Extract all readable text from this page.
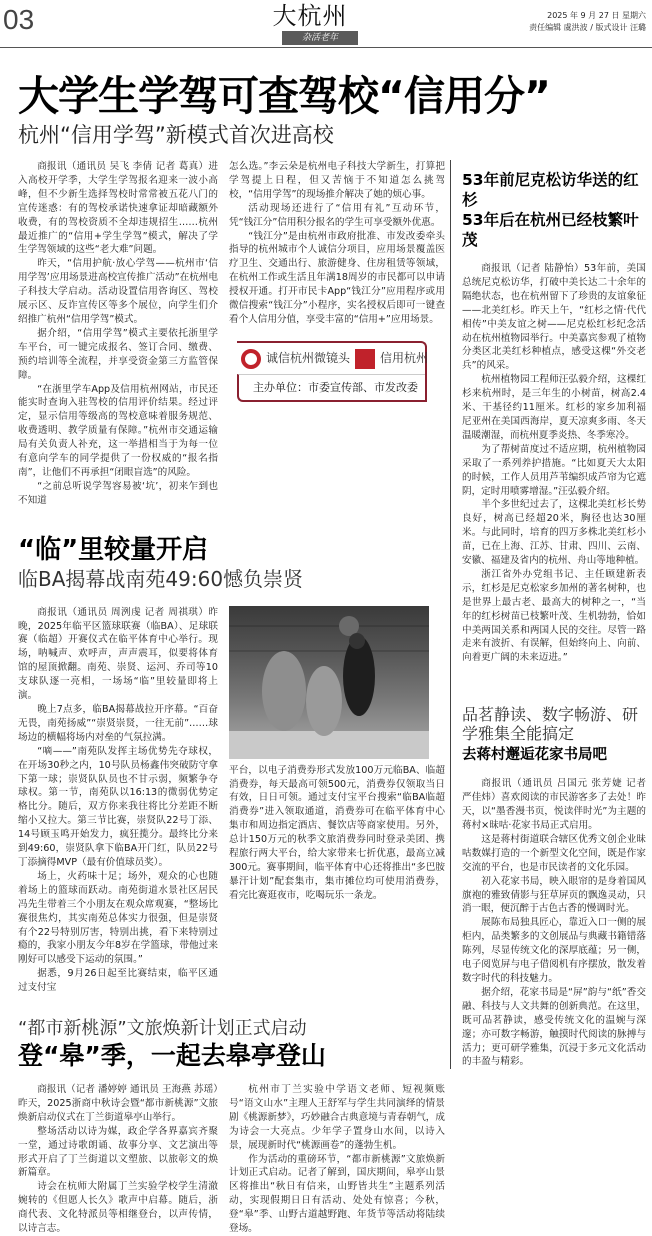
03	大杭州
杂活老年
2025 年 9 月 27 日 星期六
责任编辑 虞洪波 / 版式设计 汪璐
大学生学驾可查驾校“信用分”
杭州“信用学驾”新模式首次进高校

商报讯（通讯员 吴飞 李倩 记者 葛真）进入高校开学季，大学生学驾报名迎来一波小高峰，但不少新生选择驾校时常常被五花八门的宣传迷惑：有的驾校承诺快速拿证却暗藏额外收费，有的驾校资质不全却违规招生……杭州最近推广的“信用+学生学驾”模式，解决了学生学驾领域的这些“老大难”问题。

昨天，“信用护航·放心学驾——杭州市‘信用学驾’应用场景进高校宣传推广活动”在杭州电子科技大学启动。活动设置信用咨询区、驾校展示区、反诈宣传区等多个展位，向学生们介绍推广杭州“信用学驾”模式。

据介绍，“信用学驾”模式主要依托浙里学车平台，可一键完成报名、签订合同、缴费、预约培训等全流程，并享受资金第三方监管保障。

“在浙里学车App及信用杭州网站，市民还能实时查询入驻驾校的信用评价结果。经过评定，显示信用等级高的驾校意味着服务规范、收费透明、教学质量有保障。”杭州市交通运输局有关负责人补充，这一举措相当于为每一位有意向学车的同学提供了一份权威的“报名指南”，让他们不再承担“闭眼盲选”的风险。

“之前总听说学驾容易被‘坑’，初来乍到也不知道

怎么选。”李云朵是杭州电子科技大学新生，打算把学驾提上日程，但又苦恼于不知道怎么挑驾校，“信用学驾”的现场推介解决了她的烦心事。

活动现场还进行了“信用有礼”互动环节，凭“钱江分”信用积分报名的学生可享受额外优惠。

“钱江分”是由杭州市政府批准、市发改委牵头指导的杭州城市个人诚信分项目，应用场景覆盖医疗卫生、交通出行、旅游健身、住房租赁等领域，在杭州工作或生活且年满18周岁的市民都可以申请授权开通。打开市民卡App“钱江分”应用程序或用微信搜索“钱江分”小程序，实名授权后即可一键查看个人信用分值，享受丰富的“信用+”应用场景。

诚信杭州微镜头	信用杭州
主办单位：市委宣传部、市发改委
“临”里较量开启
临BA揭幕战南苑49:60憾负崇贤

商报讯（通讯员 周洌虔 记者 周祺琪）昨晚，2025年临平区篮球联赛（临BA）、足球联赛（临超）开赛仪式在临平体育中心举行。现场，呐喊声、欢呼声，声声震耳，似要将体育馆的屋顶掀翻。南苑、崇贤、运河、乔司等10支球队逐一亮相，一场场“临”里较量即将上演。

晚上7点多，临BA揭幕战拉开序幕。“百奋无畏，南苑扬威”“崇贤崇贤，一往无前”……球场边的横幅将场内对垒的气氛拉满。

“嘀——”南苑队发挥主场优势先夺球权，在开场30秒之内，10号队员杨鑫伟突破防守拿下第一球；崇贤队队员也不甘示弱，频繁争夺球权。第一节，南苑队以16:13的微弱优势定格比分。随后，双方你来我往将比分差距不断缩小又拉大。第三节比赛，崇贤队22号丁添、14号顾玉鸣开始发力，疯狂揽分。最终比分来到49:60，崇贤队拿下临BA开门红，队员22号丁添摘得MVP（最有价值球员奖）。

场上，火药味十足；场外，观众的心也随着场上的篮球而跃动。南苑街道水景社区居民冯先生带着三个小朋友在观众席观赛，“整场比赛很焦灼，其实南苑总体实力很强，但是崇贤有个22号特别厉害，特别出挑，看下来特别过瘾的，我家小朋友今年8岁在学篮球，带他过来刚好可以感受下运动的氛围。”

据悉，9月26日起至比赛结束，临平区通过支付宝

平台，以电子消费券形式发放100万元临BA、临超消费券，每天最高可领500元，消费券仅领取当日有效，日日可领。通过支付宝平台搜索“临BA临超消费券”进入领取通道，消费券可在临平体育中心集市和周边指定酒店、餐饮店等商家使用。另外，总计150万元的秋季文旅消费券同时登录美团、携程旅行两大平台，给大家带来七折优惠，最高立减300元。赛事期间，临平体育中心还将推出“多巴胺暴汗计划”配套集市，集市摊位均可使用消费券，看完比赛逛夜市，吃喝玩乐一条龙。

“都市新桃源”文旅焕新计划正式启动
登“皋”季，一起去皋亭登山

商报讯（记者 潘婷婷 通讯员 王海燕 苏瑶）昨天，2025浙商中秋诗会暨“都市新桃源”文旅焕新启动仪式在丁兰街道皋亭山举行。

整场活动以诗为媒，政企学各界嘉宾齐聚一堂，通过诗歌朗诵、故事分享、文艺演出等形式开启了丁兰街道以文塑旅、以旅彰文的焕新篇章。

诗会在杭师大附属丁兰实验学校学生清澈婉转的《但愿人长久》歌声中启幕。随后，浙商代表、文化特派员等相继登台，以声传情，以诗言志。

杭州市丁兰实验中学语文老师、短视频账号“语文山水”主理人王舒军与学生共同演绎的情景剧《桃源新梦》，巧妙融合古典意境与青春朝气，成为诗会一大亮点。少年学子置身山水间，以诗入景，展现新时代“桃源画卷”的蓬勃生机。

作为活动的重磅环节，“都市新桃源”文旅焕新计划正式启动。记者了解到，国庆期间，皋亭山景区将推出“秋日有信来，山野皆共生”主题系列活动，实现假期日日有活动、处处有惊喜；今秋，登“皋”季、山野古道越野跑、年货节等活动将陆续登场。

53年前尼克松访华送的红杉
53年后在杭州已经枝繁叶茂

商报讯（记者 陆静怡）53年前，美国总统尼克松访华，打破中美长达二十余年的隔绝状态，也在杭州留下了珍贵的友谊象征——北美红杉。昨天上午，“红杉之情·代代相传”中美友谊之树——尼克松红杉纪念活动在杭州植物园举行。中美嘉宾参观了植物分类区北美红杉种植点，感受这棵“外交老兵”的风采。

杭州植物园工程师汪弘毅介绍，这棵红杉来杭州时，是三年生的小树苗，树高2.4米、干基径约11厘米。红杉的家乡加利福尼亚州在美国西海岸，夏天凉爽多雨、冬天温暖潮湿，而杭州夏季炎热、冬季寒冷。

为了帮树苗度过不适应期，杭州植物园采取了一系列养护措施。“比如夏天大太阳的时候，工作人员用芦苇编织成芦帘为它遮阴，定时用喷雾增湿。”汪弘毅介绍。

半个多世纪过去了，这棵北美红杉长势良好，树高已经超20米，胸径也达30厘米。与此同时，培育的四万多株北美红杉小苗，已在上海、江苏、甘肃、四川、云南、安徽、福建及省内的杭州、舟山等地种植。

浙江省外办党组书记、主任顾建新表示，红杉是尼克松家乡加州的著名树种，也是世界上最古老、最高大的树种之一，“当年的红杉树苗已枝繁叶茂、生机勃勃，恰如中美两国关系和两国人民的交往。尽管一路走来有波折、有误解，但始终向上、向前、向着更广阔的未来迈进。”

品茗静读、数字畅游、研学雅集全能搞定
去蒋村邂逅花家书局吧

商报讯（通讯员 吕国元 张芳婕 记者 严佳炜）喜欢阅读的市民游客多了去处！昨天，以“墨香漫书页，悦读伴时光”为主题的蒋村×昧咕·花家书局正式启用。

这是蒋村街道联合辖区优秀文创企业昧咕数媒打造的一个新型文化空间，既是作家交流的平台，也是市民读者的文化乐园。

初入花家书局，映入眼帘的是身着国风旗袍的雅致倩影与狂草屏页的飘逸灵动，只消一眼，便沉醉于古色古香的慢调时光。

展陈布局独具匠心，靠近入口一侧的展柜内，品类繁多的文创展品与典藏书籍错落陈列，尽显传统文化的深厚底蕴；另一侧，电子阅览屏与电子借阅机有序摆放，散发着数字时代的科技魅力。

据介绍，花家书局是“屏”韵与“纸”香交融、科技与人文共舞的创新典范。在这里，既可品茗静读，感受传统文化的温婉与深邃；亦可数字畅游，触摸时代阅读的脉搏与活力；更可研学雅集，沉浸于多元文化活动的丰盈与精彩。
